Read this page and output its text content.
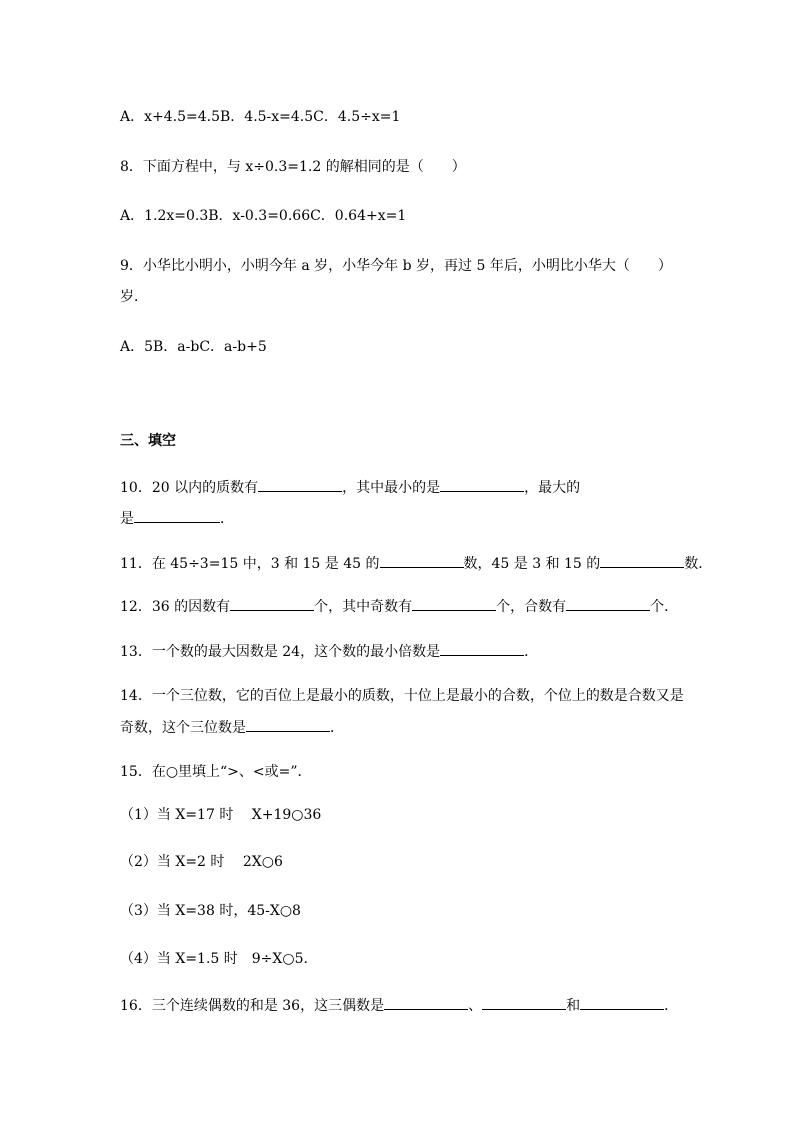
A．x+4.5=4.5B．4.5-x=4.5C．4.5÷x=1
8．下面方程中，与 x÷0.3=1.2 的解相同的是（　　）
A．1.2x=0.3B．x-0.3=0.66C．0.64+x=1
9．小华比小明小，小明今年 a 岁，小华今年 b 岁，再过 5 年后，小明比小华大（　　）
岁．
A．5B．a-bC．a-b+5
三、填空
10．20 以内的质数有	，其中最小的是	，最大的
是	．
11．在 45÷3=15 中，3 和 15 是 45 的	数，45 是 3 和 15 的	数．
12．36 的因数有	个，其中奇数有	个，合数有	个．
13．一个数的最大因数是 24，这个数的最小倍数是	．
14．一个三位数，它的百位上是最小的质数，十位上是最小的合数，个位上的数是合数又是
奇数，这个三位数是	．
15．在○里填上“>、<或=”．
（1）当 X=17 时　 X+19○36
（2）当 X=2 时　 2X○6
（3）当 X=38 时，45-X○8
（4）当 X=1.5 时　9÷X○5．
16．三个连续偶数的和是 36，这三偶数是	、	和	．
